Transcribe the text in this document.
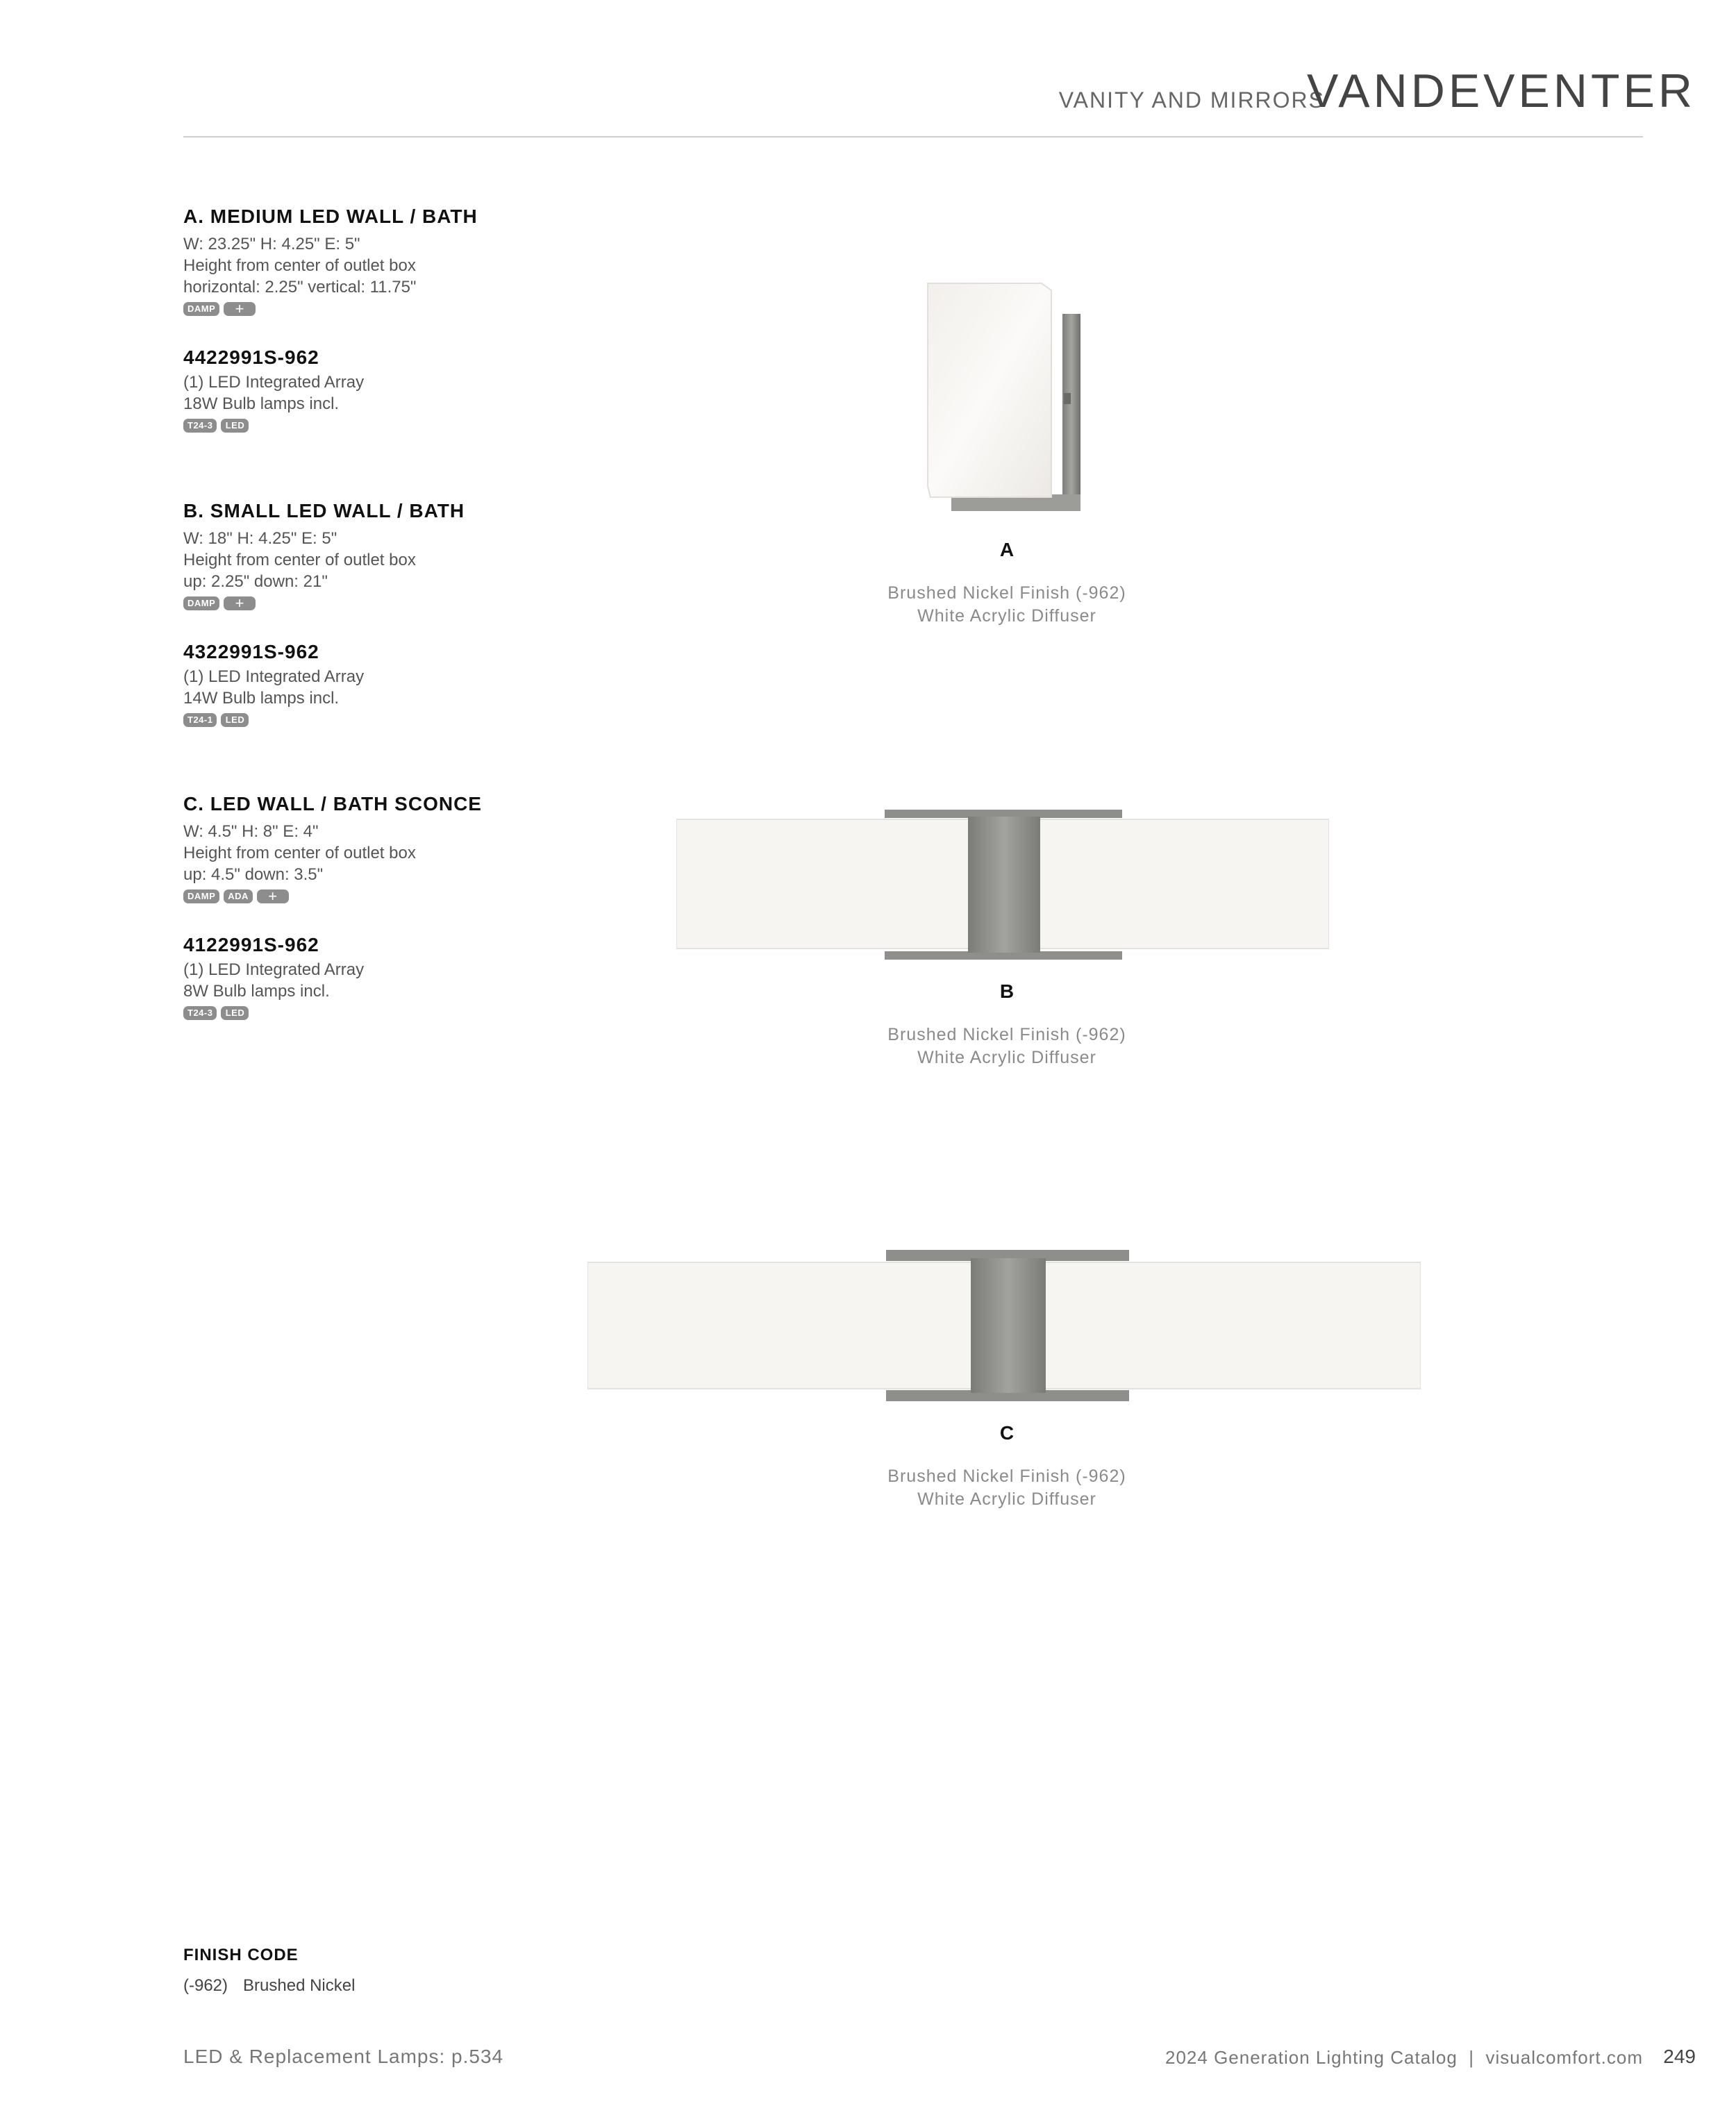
VANITY AND MIRRORS
VANDEVENTER
A. MEDIUM LED WALL / BATH
W: 23.25" H: 4.25" E: 5"
Height from center of outlet box
horizontal: 2.25" vertical: 11.75"
DAMP	+
4422991S-962
(1) LED Integrated Array
18W Bulb lamps incl.
T24-3	LED
B. SMALL LED WALL / BATH
W: 18" H: 4.25" E: 5"
Height from center of outlet box
up: 2.25" down: 21"
DAMP	+
4322991S-962
(1) LED Integrated Array
14W Bulb lamps incl.
T24-1	LED
C. LED WALL / BATH SCONCE
W: 4.5" H: 8" E: 4"
Height from center of outlet box
up: 4.5" down: 3.5"
DAMP	ADA	+
4122991S-962
(1) LED Integrated Array
8W Bulb lamps incl.
T24-3	LED
A
Brushed Nickel Finish (-962)
White Acrylic Diffuser
B
Brushed Nickel Finish (-962)
White Acrylic Diffuser
C
Brushed Nickel Finish (-962)
White Acrylic Diffuser
FINISH CODE
(-962) Brushed Nickel
LED & Replacement Lamps: p.534	2024 Generation Lighting Catalog  |  visualcomfort.com 249
